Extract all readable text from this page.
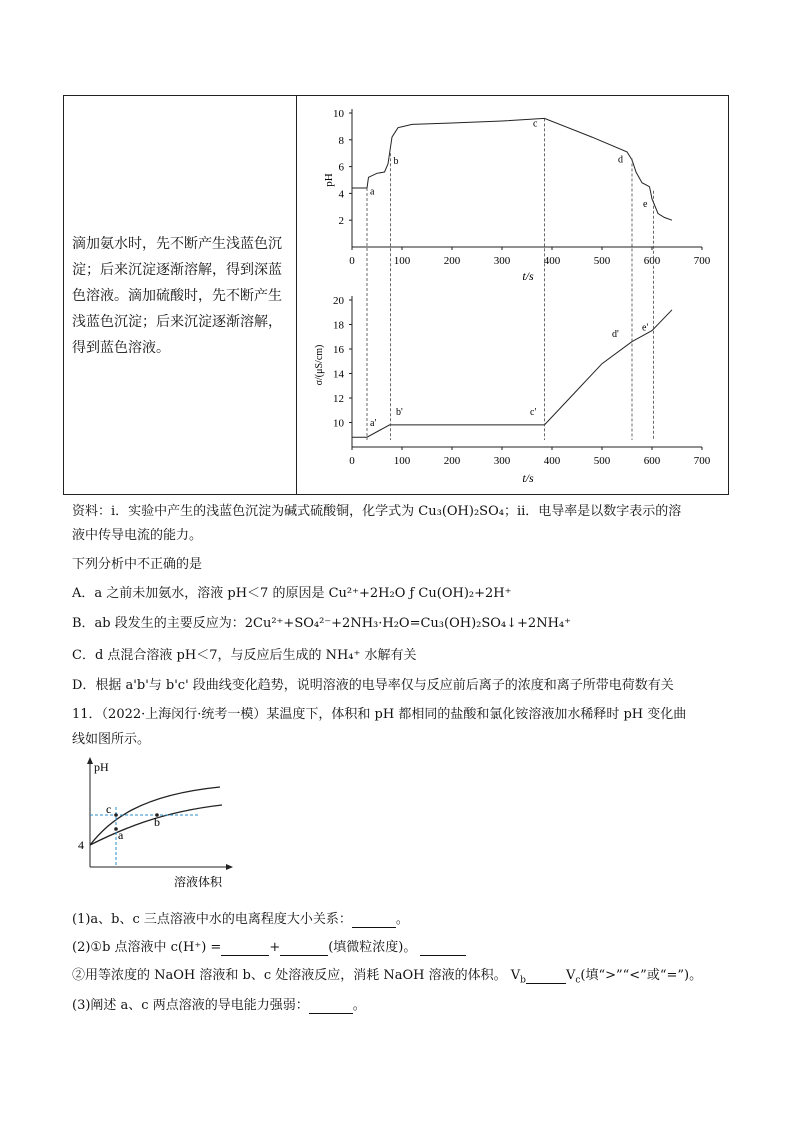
滴加氨水时，先不断产生浅蓝色沉淀；后来沉淀逐渐溶解，得到深蓝色溶液。滴加硫酸时，先不断产生浅蓝色沉淀；后来沉淀逐渐溶解，得到蓝色溶液。
0	100	200	300	400	500	600	700
2
4
6
8
10
a
b
c
d
e
pH
t/s
0	100	200	300	400	500	600	700
10
12
14
16
18
20
a'
b'	c'
d'
e'
σ/(μS/cm)
t/s
资料：ⅰ．实验中产生的浅蓝色沉淀为碱式硫酸铜，化学式为 Cu₃(OH)₂SO₄；ⅱ．电导率是以数字表示的溶
液中传导电流的能力。
下列分析中不正确的是
A．a 之前未加氨水，溶液 pH＜7 的原因是 Cu²⁺+2H₂O ƒ Cu(OH)₂+2H⁺
B．ab 段发生的主要反应为：2Cu²⁺+SO₄²⁻+2NH₃·H₂O=Cu₃(OH)₂SO₄↓+2NH₄⁺
C．d 点混合溶液 pH＜7，与反应后生成的 NH₄⁺ 水解有关
D．根据 a'b'与 b'c' 段曲线变化趋势，说明溶液的电导率仅与反应前后离子的浓度和离子所带电荷数有关
11．（2022·上海闵行·统考一模）某温度下，体积和 pH 都相同的盐酸和氯化铵溶液加水稀释时 pH 变化曲
线如图所示。
pH
4
溶液体积
c
a
b
(1)a、b、c 三点溶液中水的电离程度大小关系：	。
(2)①b 点溶液中 c(H⁺) =	+	(填微粒浓度)。
②用等浓度的 NaOH 溶液和 b、c 处溶液反应，消耗 NaOH 溶液的体积。 $V_b$	$V_c$(填“>”“<”或“=”)。
(3)阐述 a、c 两点溶液的导电能力强弱：	。
